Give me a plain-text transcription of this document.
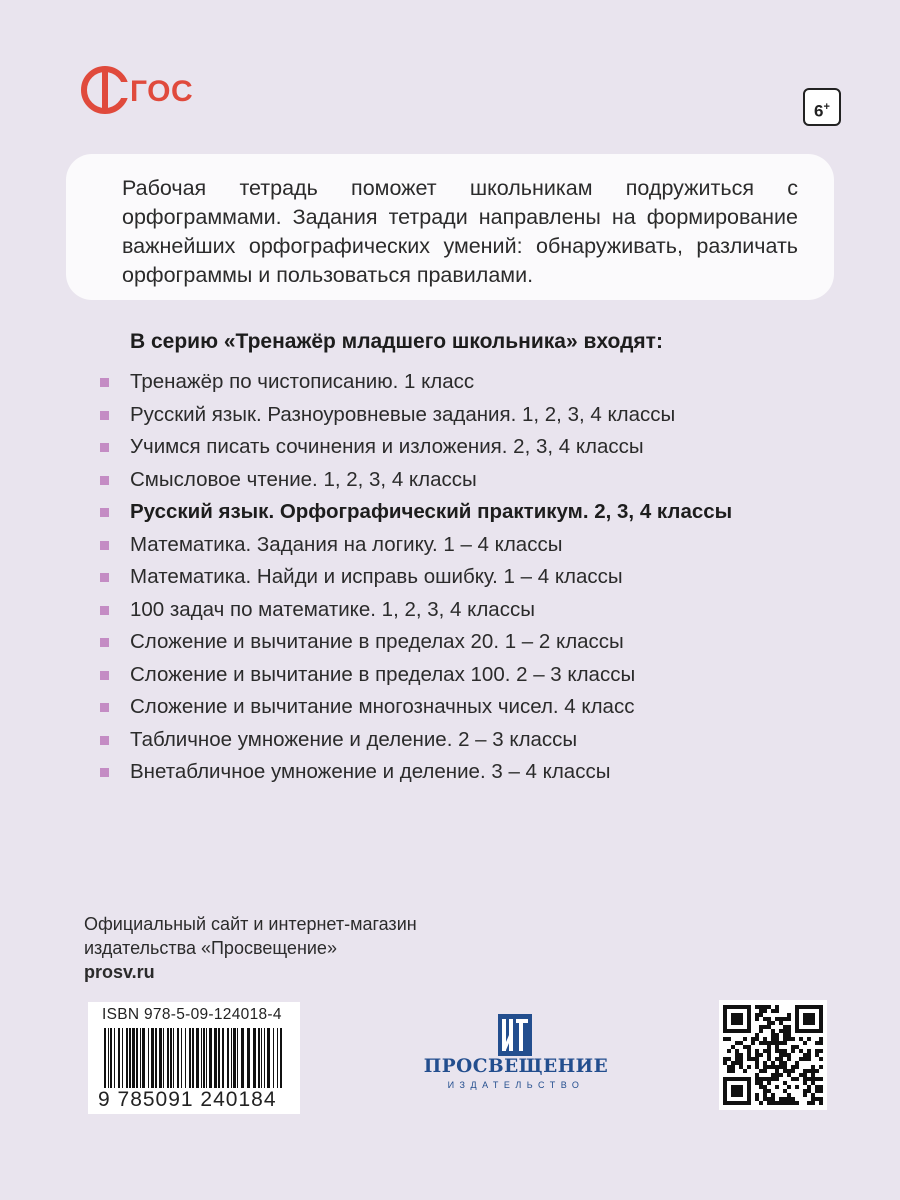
ГОС
6+

Рабочая тетрадь поможет школьникам подружиться с орфограммами. Задания тетради направлены на формирование важнейших орфографических умений: обнаруживать, различать орфограммы и пользоваться правилами.

В серию «Тренажёр младшего школьника» входят:
Тренажёр по чистописанию. 1 класс
Русский язык. Разноуровневые задания. 1, 2, 3, 4 классы
Учимся писать сочинения и изложения. 2, 3, 4 классы
Смысловое чтение. 1, 2, 3, 4 классы
Русский язык. Орфографический практикум. 2, 3, 4 классы
Математика. Задания на логику. 1 – 4 классы
Математика. Найди и исправь ошибку. 1 – 4 классы
100 задач по математике. 1, 2, 3, 4 классы
Сложение и вычитание в пределах 20. 1 – 2 классы
Сложение и вычитание в пределах 100. 2 – 3 классы
Сложение и вычитание многозначных чисел. 4 класс
Табличное умножение и деление. 2 – 3 классы
Внетабличное умножение и деление. 3 – 4 классы
Официальный сайт и интернет-магазин
издательства «Просвещение»
prosv.ru
ISBN 978-5-09-124018-4
9 785091 240184
ПРОСВЕЩЕНИЕ
ИЗДАТЕЛЬСТВО
